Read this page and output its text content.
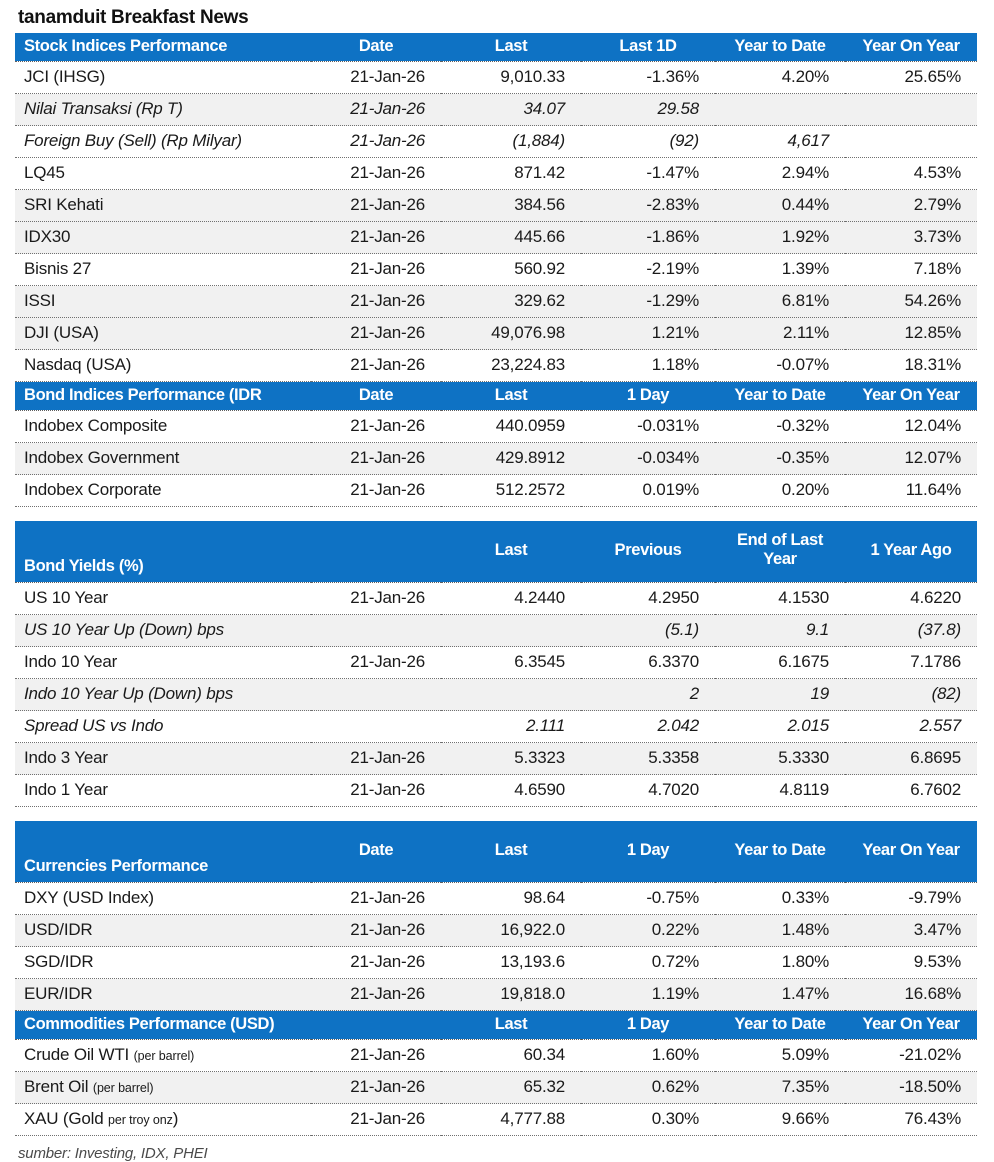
tanamduit Breakfast News
Stock Indices Performance	Date	Last	Last 1D	Year to Date	Year On Year
JCI (IHSG)	21-Jan-26	9,010.33	-1.36%	4.20%	25.65%
Nilai Transaksi (Rp T)	21-Jan-26	34.07	29.58		
Foreign Buy (Sell) (Rp Milyar)	21-Jan-26	(1,884)	(92)	4,617	
LQ45	21-Jan-26	871.42	-1.47%	2.94%	4.53%
SRI Kehati	21-Jan-26	384.56	-2.83%	0.44%	2.79%
IDX30	21-Jan-26	445.66	-1.86%	1.92%	3.73%
Bisnis 27	21-Jan-26	560.92	-2.19%	1.39%	7.18%
ISSI	21-Jan-26	329.62	-1.29%	6.81%	54.26%
DJI (USA)	21-Jan-26	49,076.98	1.21%	2.11%	12.85%
Nasdaq (USA)	21-Jan-26	23,224.83	1.18%	-0.07%	18.31%
Bond Indices Performance (IDR	Date	Last	1 Day	Year to Date	Year On Year
Indobex Composite	21-Jan-26	440.0959	-0.031%	-0.32%	12.04%
Indobex Government	21-Jan-26	429.8912	-0.034%	-0.35%	12.07%
Indobex Corporate	21-Jan-26	512.2572	0.019%	0.20%	11.64%

Bond Yields (%)		Last	Previous	End of Last Year	1 Year Ago
US 10 Year	21-Jan-26	4.2440	4.2950	4.1530	4.6220
US 10 Year Up (Down) bps			(5.1)	9.1	(37.8)
Indo 10 Year	21-Jan-26	6.3545	6.3370	6.1675	7.1786
Indo 10 Year Up (Down) bps			2	19	(82)
Spread US vs Indo		2.111	2.042	2.015	2.557
Indo 3 Year	21-Jan-26	5.3323	5.3358	5.3330	6.8695
Indo 1 Year	21-Jan-26	4.6590	4.7020	4.8119	6.7602

Currencies Performance	Date	Last	1 Day	Year to Date	Year On Year
DXY (USD Index)	21-Jan-26	98.64	-0.75%	0.33%	-9.79%
USD/IDR	21-Jan-26	16,922.0	0.22%	1.48%	3.47%
SGD/IDR	21-Jan-26	13,193.6	0.72%	1.80%	9.53%
EUR/IDR	21-Jan-26	19,818.0	1.19%	1.47%	16.68%
Commodities Performance (USD)		Last	1 Day	Year to Date	Year On Year
Crude Oil WTI (per barrel)	21-Jan-26	60.34	1.60%	5.09%	-21.02%
Brent Oil (per barrel)	21-Jan-26	65.32	0.62%	7.35%	-18.50%
XAU (Gold per troy onz)	21-Jan-26	4,777.88	0.30%	9.66%	76.43%
sumber: Investing, IDX, PHEI
